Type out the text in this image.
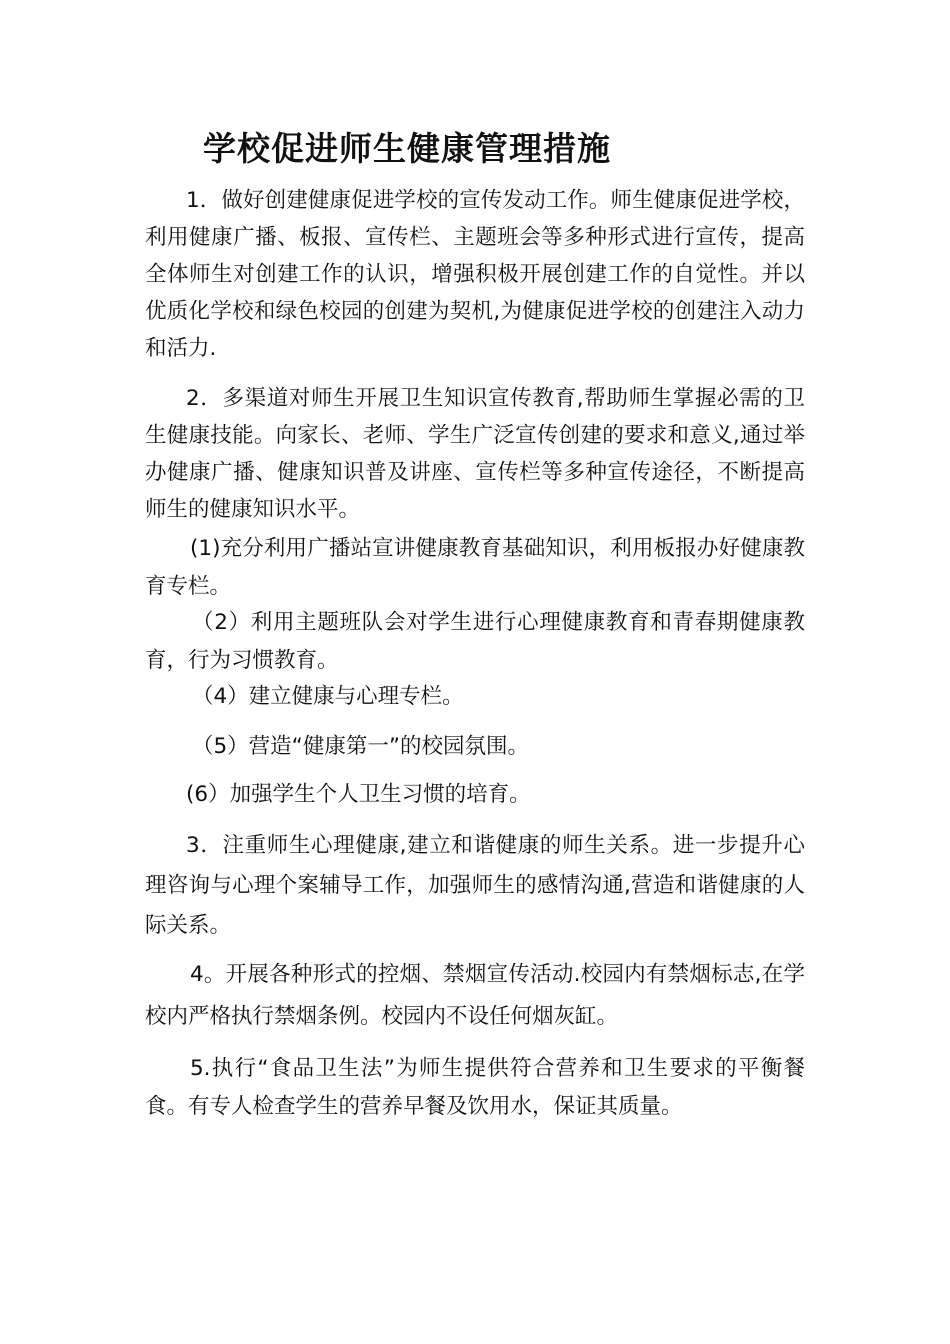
学校促进师生健康管理措施

1．做好创建健康促进学校的宣传发动工作。师生健康促进学校，利用健康广播、板报、宣传栏、主题班会等多种形式进行宣传，提高全体师生对创建工作的认识，增强积极开展创建工作的自觉性。并以优质化学校和绿色校园的创建为契机,为健康促进学校的创建注入动力和活力.

2．多渠道对师生开展卫生知识宣传教育,帮助师生掌握必需的卫生健康技能。向家长、老师、学生广泛宣传创建的要求和意义,通过举办健康广播、健康知识普及讲座、宣传栏等多种宣传途径，不断提高师生的健康知识水平。

(1)充分利用广播站宣讲健康教育基础知识，利用板报办好健康教育专栏。

（2）利用主题班队会对学生进行心理健康教育和青春期健康教育，行为习惯教育。

（4）建立健康与心理专栏。

（5）营造“健康第一”的校园氛围。

(6）加强学生个人卫生习惯的培育。

3．注重师生心理健康,建立和谐健康的师生关系。进一步提升心理咨询与心理个案辅导工作，加强师生的感情沟通,营造和谐健康的人际关系。

4。开展各种形式的控烟、禁烟宣传活动.校园内有禁烟标志,在学校内严格执行禁烟条例。校园内不设任何烟灰缸。

5.执行“食品卫生法”为师生提供符合营养和卫生要求的平衡餐食。有专人检查学生的营养早餐及饮用水，保证其质量。
